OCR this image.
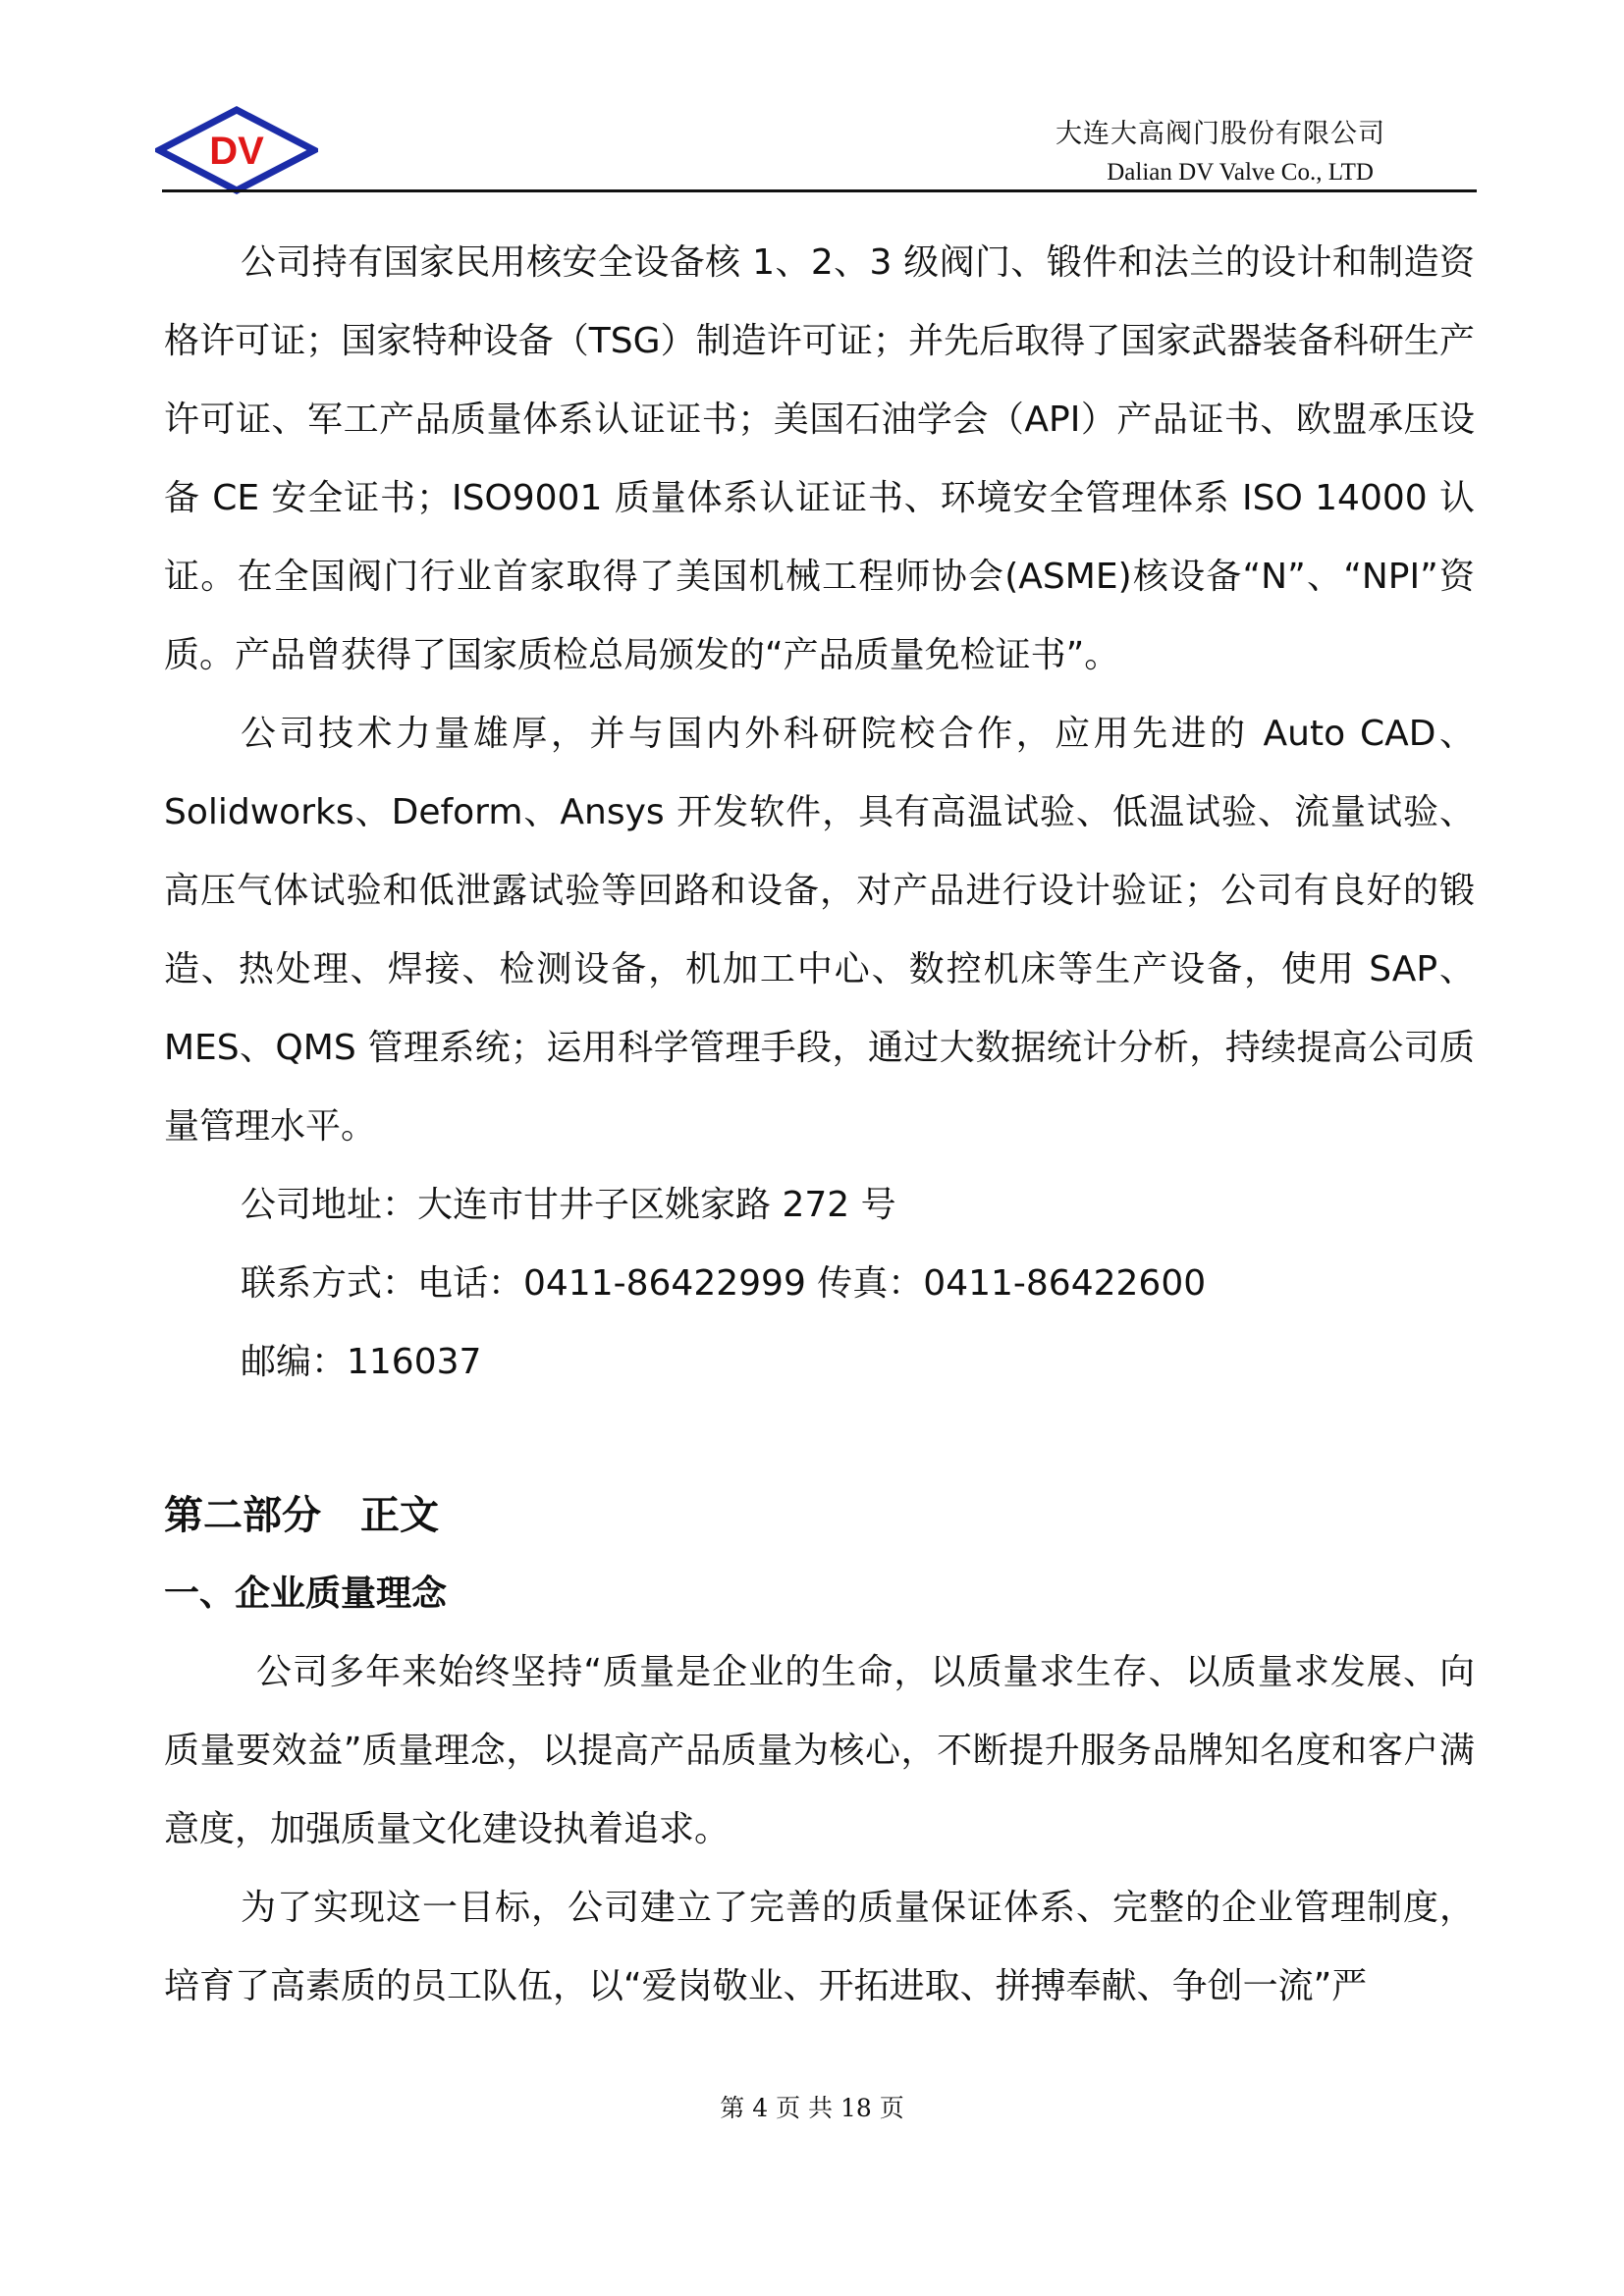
DV	大连大高阀门股份有限公司
Dalian DV Valve Co., LTD

公司持有国家民用核安全设备核 1、2、3 级阀门、锻件和法兰的设计和制造资格许可证；国家特种设备（TSG）制造许可证；并先后取得了国家武器装备科研生产许可证、军工产品质量体系认证证书；美国石油学会（API）产品证书、欧盟承压设备 CE 安全证书；ISO9001 质量体系认证证书、环境安全管理体系 ISO 14000 认证。在全国阀门行业首家取得了美国机械工程师协会(ASME)核设备“N”、“NPI”资质。产品曾获得了国家质检总局颁发的“产品质量免检证书”。

公司技术力量雄厚，并与国内外科研院校合作，应用先进的 Auto CAD、Solidworks、Deform、Ansys 开发软件，具有高温试验、低温试验、流量试验、高压气体试验和低泄露试验等回路和设备，对产品进行设计验证；公司有良好的锻造、热处理、焊接、检测设备，机加工中心、数控机床等生产设备，使用 SAP、MES、QMS 管理系统；运用科学管理手段，通过大数据统计分析，持续提高公司质量管理水平。

公司地址：大连市甘井子区姚家路 272 号

联系方式：电话：0411-86422999 传真：0411-86422600

邮编：116037

第二部分　正文
一、企业质量理念

公司多年来始终坚持“质量是企业的生命，以质量求生存、以质量求发展、向质量要效益”质量理念，以提高产品质量为核心，不断提升服务品牌知名度和客户满意度，加强质量文化建设执着追求。

为了实现这一目标，公司建立了完善的质量保证体系、完整的企业管理制度，培育了高素质的员工队伍，以“爱岗敬业、开拓进取、拼搏奉献、争创一流”严

第 4 页 共 18 页
